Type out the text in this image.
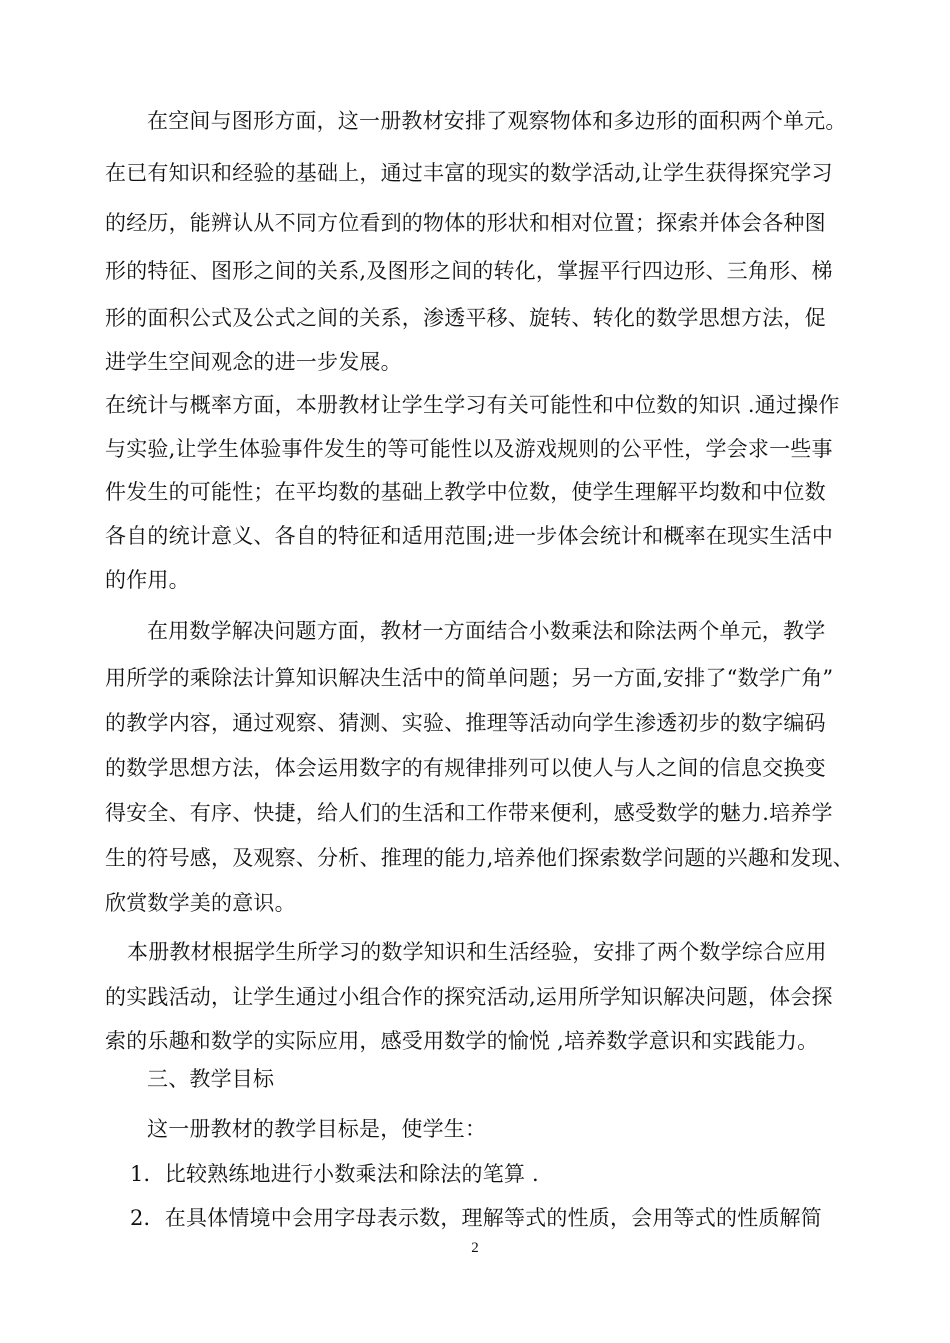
在空间与图形方面，这一册教材安排了观察物体和多边形的面积两个单元。
在已有知识和经验的基础上，通过丰富的现实的数学活动,让学生获得探究学习
的经历，能辨认从不同方位看到的物体的形状和相对位置；探索并体会各种图
形的特征、图形之间的关系,及图形之间的转化，掌握平行四边形、三角形、梯
形的面积公式及公式之间的关系，渗透平移、旋转、转化的数学思想方法，促
进学生空间观念的进一步发展。
在统计与概率方面，本册教材让学生学习有关可能性和中位数的知识 .通过操作
与实验,让学生体验事件发生的等可能性以及游戏规则的公平性，学会求一些事
件发生的可能性；在平均数的基础上教学中位数，使学生理解平均数和中位数
各自的统计意义、各自的特征和适用范围;进一步体会统计和概率在现实生活中
的作用。
在用数学解决问题方面，教材一方面结合小数乘法和除法两个单元，教学
用所学的乘除法计算知识解决生活中的简单问题；另一方面,安排了“数学广角”
的教学内容，通过观察、猜测、实验、推理等活动向学生渗透初步的数字编码
的数学思想方法，体会运用数字的有规律排列可以使人与人之间的信息交换变
得安全、有序、快捷，给人们的生活和工作带来便利，感受数学的魅力.培养学
生的符号感，及观察、分析、推理的能力,培养他们探索数学问题的兴趣和发现、
欣赏数学美的意识。
本册教材根据学生所学习的数学知识和生活经验，安排了两个数学综合应用
的实践活动，让学生通过小组合作的探究活动,运用所学知识解决问题，体会探
索的乐趣和数学的实际应用，感受用数学的愉悦 ,培养数学意识和实践能力。
三、教学目标
这一册教材的教学目标是，使学生：
1．比较熟练地进行小数乘法和除法的笔算 .
2．在具体情境中会用字母表示数，理解等式的性质，会用等式的性质解简
2
